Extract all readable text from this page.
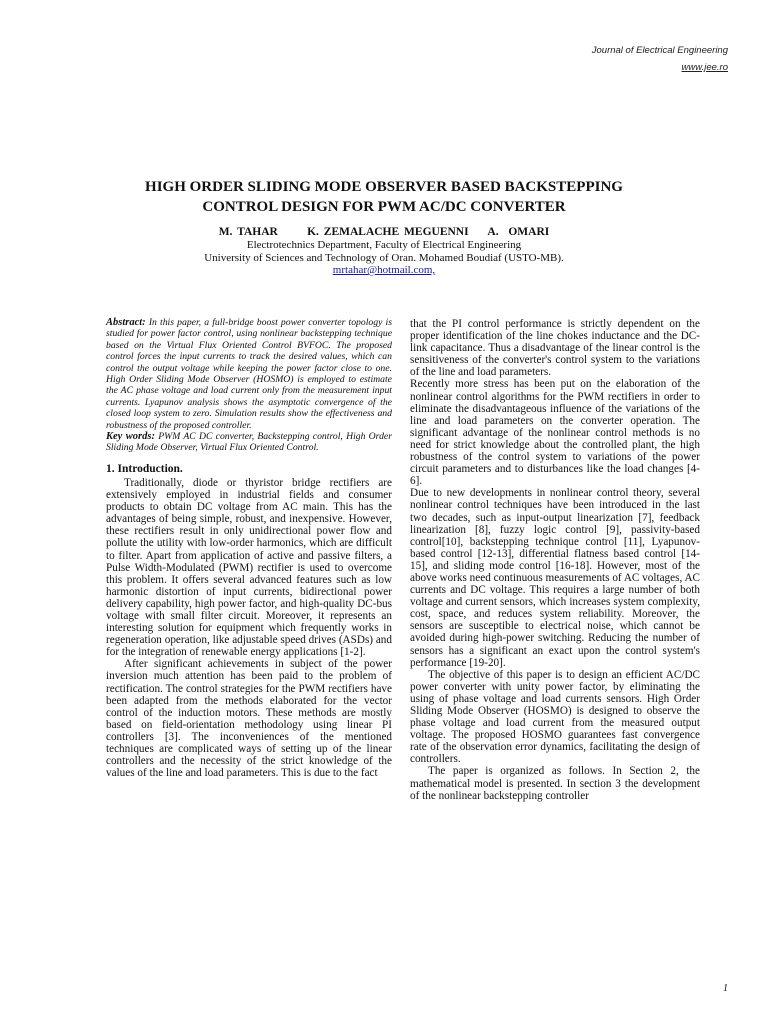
Journal of Electrical Engineering
www.jee.ro
HIGH ORDER SLIDING MODE OBSERVER BASED BACKSTEPPING
CONTROL DESIGN FOR PWM AC/DC CONVERTER

M. TAHAR      K. ZEMALACHE MEGUENNI    A.  OMARI

Electrotechnics Department, Faculty of Electrical Engineering

University of Sciences and Technology of Oran. Mohamed Boudiaf (USTO-MB).

mrtahar@hotmail.com,

Abstract: In this paper, a full-bridge boost power converter topology is studied for power factor control, using nonlinear backstepping technique based on the Virtual Flux Oriented Control BVFOC. The proposed control forces the input currents to track the desired values, which can control the output voltage while keeping the power factor close to one. High Order Sliding Mode Observer (HOSMO) is employed to estimate the AC phase voltage and load current only from the measurement input currents. Lyapunov analysis shows the asymptotic convergence of the closed loop system to zero. Simulation results show the effectiveness and robustness of the proposed controller.

Key words: PWM AC DC converter, Backstepping control, High Order Sliding Mode Observer, Virtual Flux Oriented Control.

1. Introduction.

Traditionally, diode or thyristor bridge rectifiers are extensively employed in industrial fields and consumer products to obtain DC voltage from AC main. This has the advantages of being simple, robust, and inexpensive. However, these rectifiers result in only unidirectional power flow and pollute the utility with low-order harmonics, which are difficult to filter. Apart from application of active and passive filters, a Pulse Width-Modulated (PWM) rectifier is used to overcome this problem. It offers several advanced features such as low harmonic distortion of input currents, bidirectional power delivery capability, high power factor, and high-quality DC-bus voltage with small filter circuit. Moreover, it represents an interesting solution for equipment which frequently works in regeneration operation, like adjustable speed drives (ASDs) and for the integration of renewable energy applications [1-2].

After significant achievements in subject of the power inversion much attention has been paid to the problem of rectification. The control strategies for the PWM rectifiers have been adapted from the methods elaborated for the vector control of the induction motors. These methods are mostly based on field-orientation methodology using linear PI controllers [3]. The inconveniences of the mentioned techniques are complicated ways of setting up of the linear controllers and the necessity of the strict knowledge of the values of the line and load parameters. This is due to the fact

that the PI control performance is strictly dependent on the proper identification of the line chokes inductance and the DC-link capacitance. Thus a disadvantage of the linear control is the sensitiveness of the converter's control system to the variations of the line and load parameters.

Recently more stress has been put on the elaboration of the nonlinear control algorithms for the PWM rectifiers in order to eliminate the disadvantageous influence of the variations of the line and load parameters on the converter operation. The significant advantage of the nonlinear control methods is no need for strict knowledge about the controlled plant, the high robustness of the control system to variations of the power circuit parameters and to disturbances like the load changes [4-6].

Due to new developments in nonlinear control theory, several nonlinear control techniques have been introduced in the last two decades, such as input-output linearization [7], feedback linearization [8], fuzzy logic control [9], passivity-based control[10], backstepping technique control [11], Lyapunov-based control [12-13], differential flatness based control [14-15], and sliding mode control [16-18]. However, most of the above works need continuous measurements of AC voltages, AC currents and DC voltage. This requires a large number of both voltage and current sensors, which increases system complexity, cost, space, and reduces system reliability. Moreover, the sensors are susceptible to electrical noise, which cannot be avoided during high-power switching. Reducing the number of sensors has a significant an exact upon the control system's performance [19-20].

The objective of this paper is to design an efficient AC/DC power converter with unity power factor, by eliminating the using of phase voltage and load currents sensors. High Order Sliding Mode Observer (HOSMO) is designed to observe the phase voltage and load current from the measured output voltage. The proposed HOSMO guarantees fast convergence rate of the observation error dynamics, facilitating the design of controllers.

The paper is organized as follows. In Section 2, the mathematical model is presented. In section 3 the development of the nonlinear backstepping controller

1
